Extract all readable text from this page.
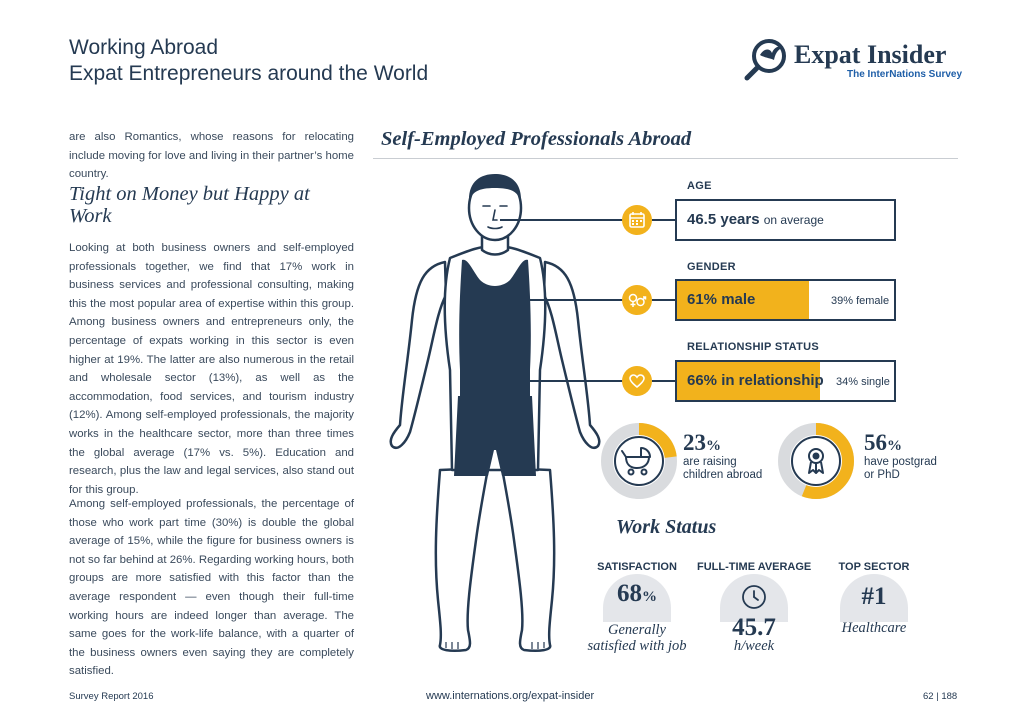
Working Abroad
Expat Entrepreneurs around the World
Expat Insider
The InterNations Survey
are also Romantics, whose reasons for relocating include moving for love and living in their partner’s home country.
Tight on Money but Happy at Work
Looking at both business owners and self-employed professionals together, we find that 17% work in business services and professional consulting, making this the most popular area of expertise within this group. Among business owners and entrepreneurs only, the percentage of expats working in this sector is even higher at 19%. The latter are also numerous in the retail and wholesale sector (13%), as well as the accommodation, food services, and tourism industry (12%). Among self-employed professionals, the majority works in the healthcare sector, more than three times the global average (17% vs. 5%). Education and research, plus the law and legal services, also stand out for this group.
Among self-employed professionals, the percentage of those who work part time (30%) is double the global average of 15%, while the figure for business owners is not so far behind at 26%. Regarding working hours, both groups are more satisfied with this factor than the average respondent — even though their full-time working hours are indeed longer than average. The same goes for the work-life balance, with a quarter of the business owners even saying they are completely satisfied.
Self-Employed Professionals Abroad
AGE
46.5 years on average
GENDER
61% male	39% female
RELATIONSHIP STATUS
66% in relationship 34% single
23%
are raising
children abroad
56%
have postgrad
or PhD
Work Status
SATISFACTION
68%
Generally
satisfied with job
FULL-TIME AVERAGE
45.7
h/week
TOP SECTOR
#1
Healthcare
Survey Report 2016	www.internations.org/expat-insider	62 | 188
